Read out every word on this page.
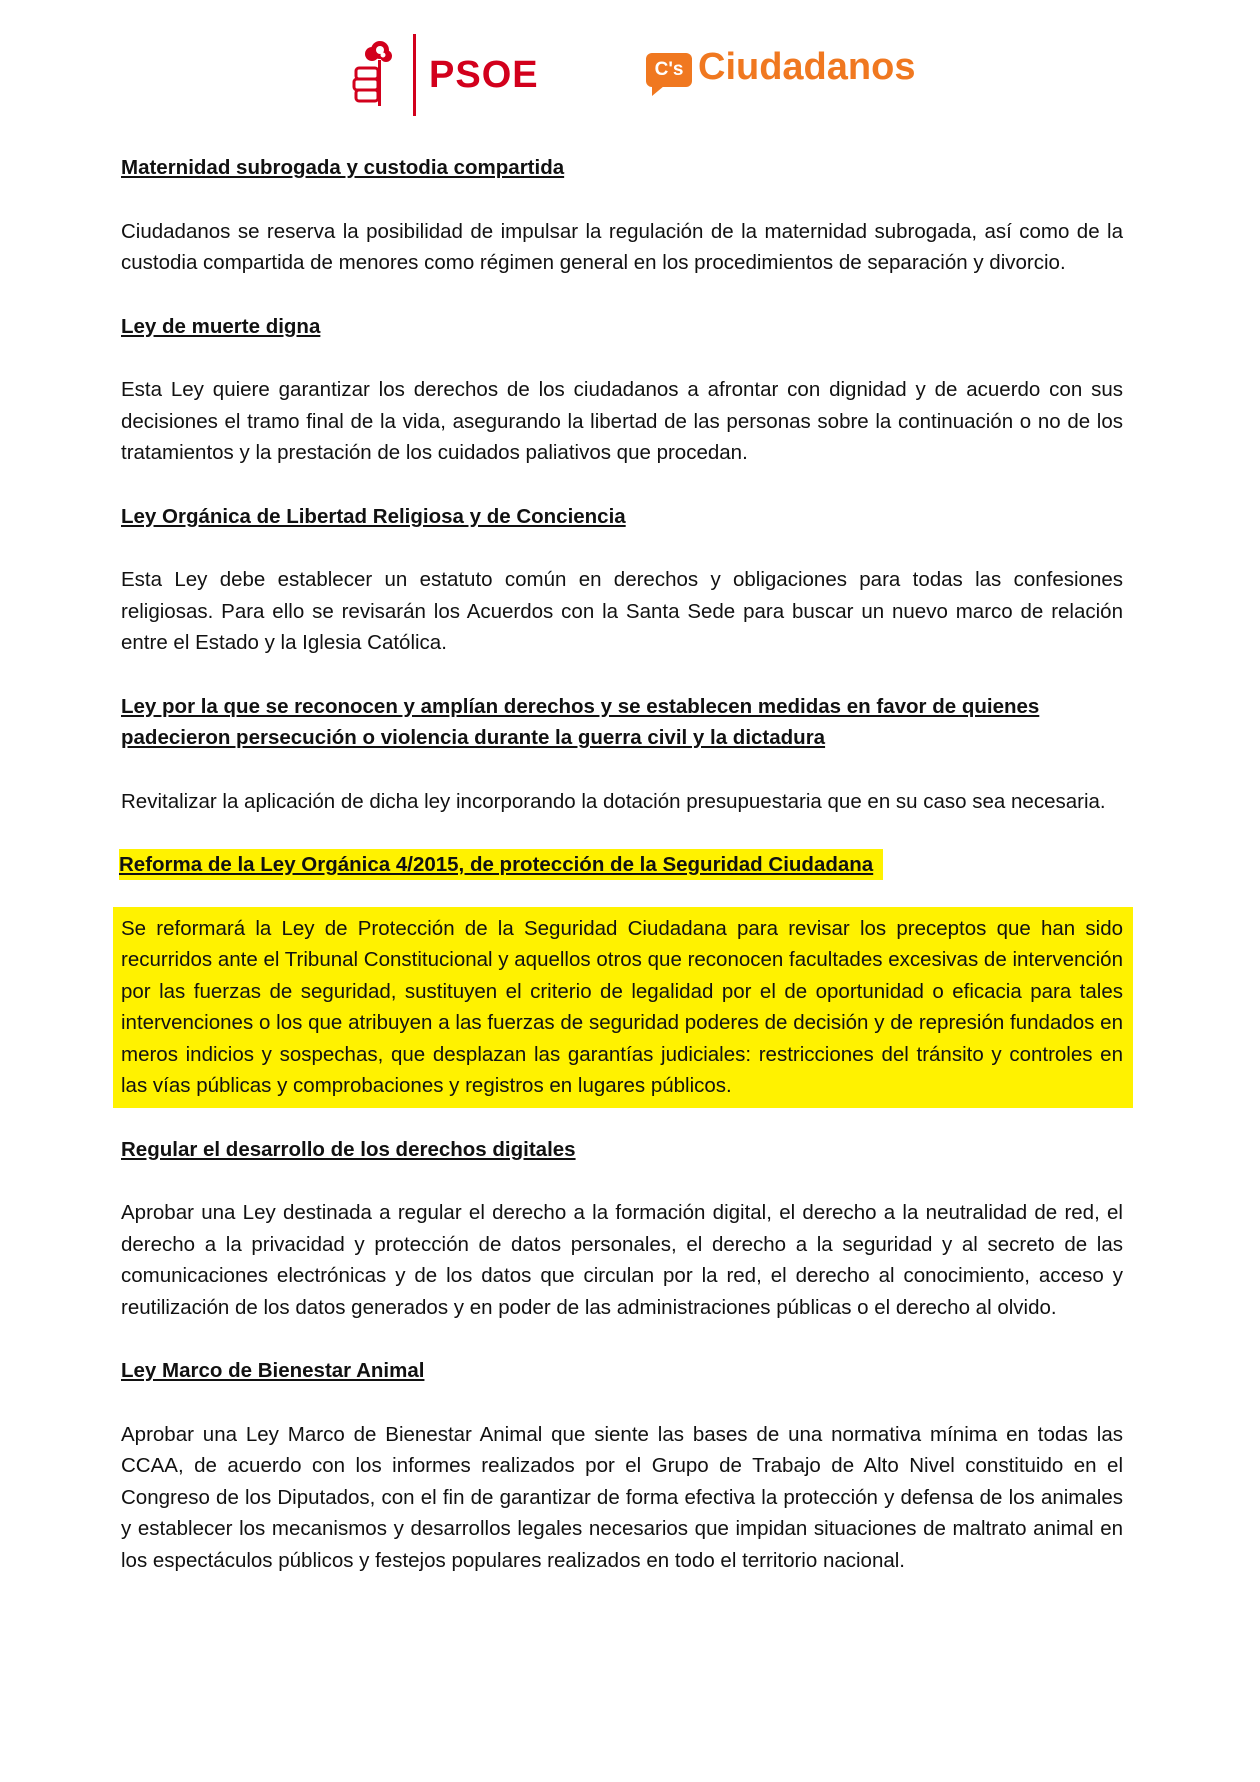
PSOE	C's Ciudadanos
Maternidad subrogada y custodia compartida
Ciudadanos se reserva la posibilidad de impulsar la regulación de la maternidad subrogada, así como de la custodia compartida de menores como régimen general en los procedimientos de separación y divorcio.
Ley de muerte digna
Esta Ley quiere garantizar los derechos de los ciudadanos a afrontar con dignidad y de acuerdo con sus decisiones el tramo final de la vida, asegurando la libertad de las personas sobre la continuación o no de los tratamientos y la prestación de los cuidados paliativos que procedan.
Ley Orgánica de Libertad Religiosa y de Conciencia
Esta Ley debe establecer un estatuto común en derechos y obligaciones para todas las confesiones religiosas. Para ello se revisarán los Acuerdos con la Santa Sede para buscar un nuevo marco de relación entre el Estado y la Iglesia Católica.
Ley por la que se reconocen y amplían derechos y se establecen medidas en favor de quienes padecieron persecución o violencia durante la guerra civil y la dictadura
Revitalizar la aplicación de dicha ley incorporando la dotación presupuestaria que en su caso sea necesaria.
Reforma de la Ley Orgánica 4/2015, de protección de la Seguridad Ciudadana
Se reformará la Ley de Protección de la Seguridad Ciudadana para revisar los preceptos que han sido recurridos ante el Tribunal Constitucional y aquellos otros que reconocen facultades excesivas de intervención por las fuerzas de seguridad, sustituyen el criterio de legalidad por el de oportunidad o eficacia para tales intervenciones o los que atribuyen a las fuerzas de seguridad poderes de decisión y de represión fundados en meros indicios y sospechas, que desplazan las garantías judiciales: restricciones del tránsito y controles en las vías públicas y comprobaciones y registros en lugares públicos.
Regular el desarrollo de los derechos digitales
Aprobar una Ley destinada a regular el derecho a la formación digital, el derecho a la neutralidad de red, el derecho a la privacidad y protección de datos personales, el derecho a la seguridad y al secreto de las comunicaciones electrónicas y de los datos que circulan por la red, el derecho al conocimiento, acceso y reutilización de los datos generados y en poder de las administraciones públicas o el derecho al olvido.
Ley Marco de Bienestar Animal
Aprobar una Ley Marco de Bienestar Animal que siente las bases de una normativa mínima en todas las CCAA, de acuerdo con los informes realizados por el Grupo de Trabajo de Alto Nivel constituido en el Congreso de los Diputados, con el fin de garantizar de forma efectiva la protección y defensa de los animales y establecer los mecanismos y desarrollos legales necesarios que impidan situaciones de maltrato animal en los espectáculos públicos y festejos populares realizados en todo el territorio nacional.
